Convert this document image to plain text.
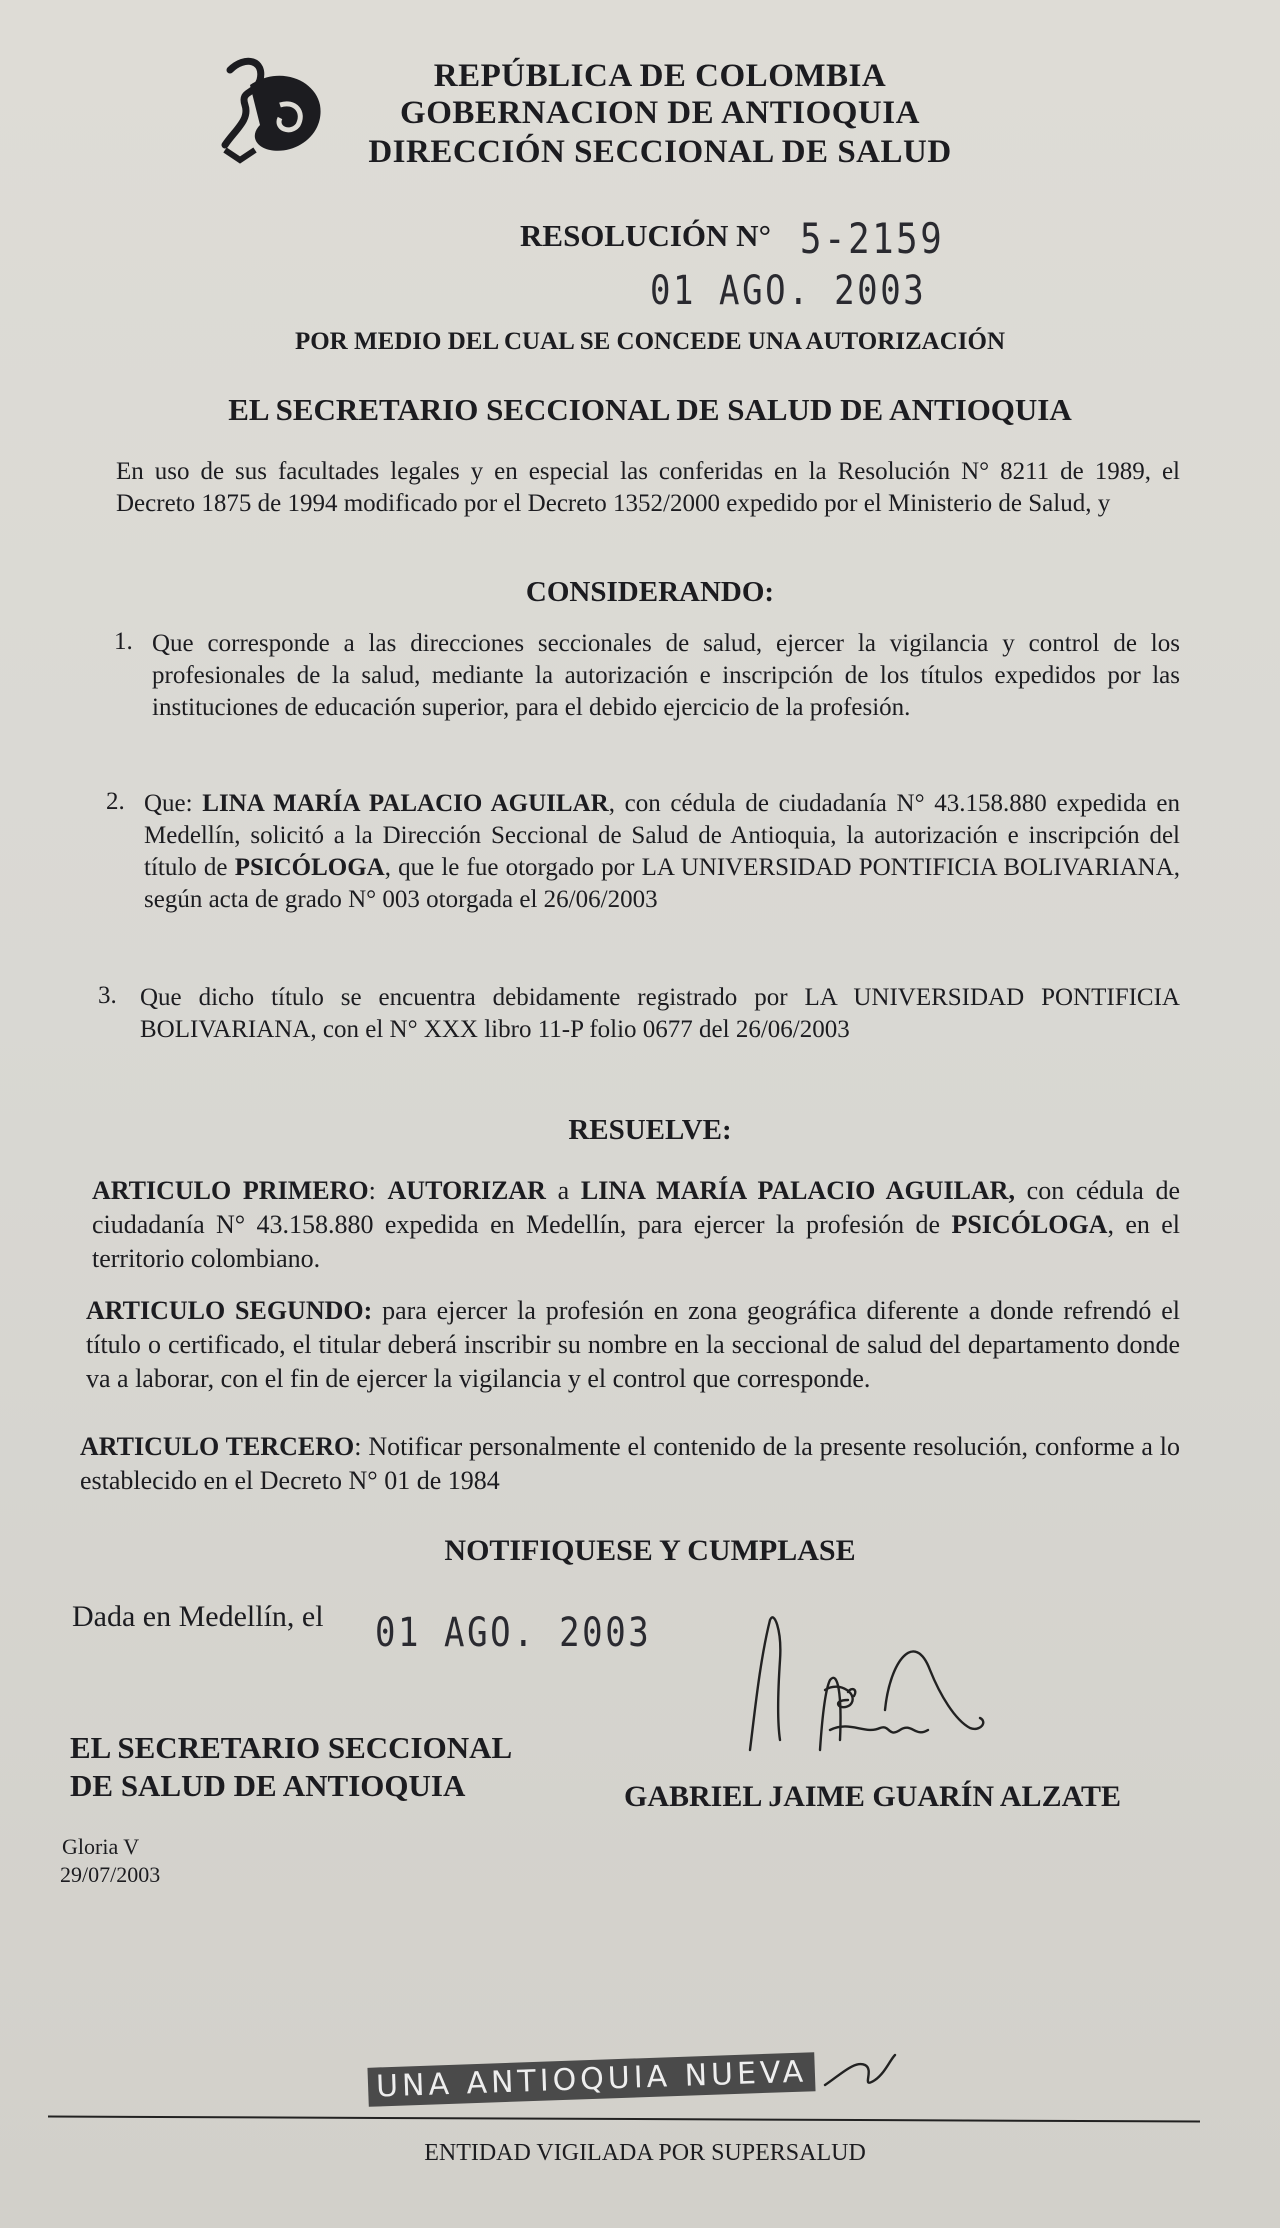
REPÚBLICA DE COLOMBIA
GOBERNACION DE ANTIOQUIA
DIRECCIÓN SECCIONAL DE SALUD
RESOLUCIÓN N° 5-2159
01 AGO. 2003
POR MEDIO DEL CUAL SE CONCEDE UNA AUTORIZACIÓN
EL SECRETARIO SECCIONAL DE SALUD DE ANTIOQUIA
En uso de sus facultades legales y en especial las conferidas en la Resolución N° 8211 de 1989, el Decreto 1875 de 1994 modificado por el Decreto 1352/2000 expedido por el Ministerio de Salud, y
CONSIDERANDO:
1. Que corresponde a las direcciones seccionales de salud, ejercer la vigilancia y control de los profesionales de la salud, mediante la autorización e inscripción de los títulos expedidos por las instituciones de educación superior, para el debido ejercicio de la profesión.
2. Que: LINA MARÍA PALACIO AGUILAR, con cédula de ciudadanía N° 43.158.880 expedida en Medellín, solicitó a la Dirección Seccional de Salud de Antioquia, la autorización e inscripción del título de PSICÓLOGA, que le fue otorgado por LA UNIVERSIDAD PONTIFICIA BOLIVARIANA, según acta de grado N° 003 otorgada el 26/06/2003
3. Que dicho título se encuentra debidamente registrado por LA UNIVERSIDAD PONTIFICIA BOLIVARIANA, con el N° XXX libro 11-P folio 0677 del 26/06/2003
RESUELVE:
ARTICULO PRIMERO: AUTORIZAR a LINA MARÍA PALACIO AGUILAR, con cédula de ciudadanía N° 43.158.880 expedida en Medellín, para ejercer la profesión de PSICÓLOGA, en el territorio colombiano.
ARTICULO SEGUNDO: para ejercer la profesión en zona geográfica diferente a donde refrendó el título o certificado, el titular deberá inscribir su nombre en la seccional de salud del departamento donde va a laborar, con el fin de ejercer la vigilancia y el control que corresponde.
ARTICULO TERCERO: Notificar personalmente el contenido de la presente resolución, conforme a lo establecido en el Decreto N° 01 de 1984
NOTIFIQUESE Y CUMPLASE
Dada en Medellín, el 01 AGO. 2003
EL SECRETARIO SECCIONAL
DE SALUD DE ANTIOQUIA	GABRIEL JAIME GUARÍN ALZATE
Gloria V
29/07/2003
UNA ANTIOQUIA NUEVA
ENTIDAD VIGILADA POR SUPERSALUD
